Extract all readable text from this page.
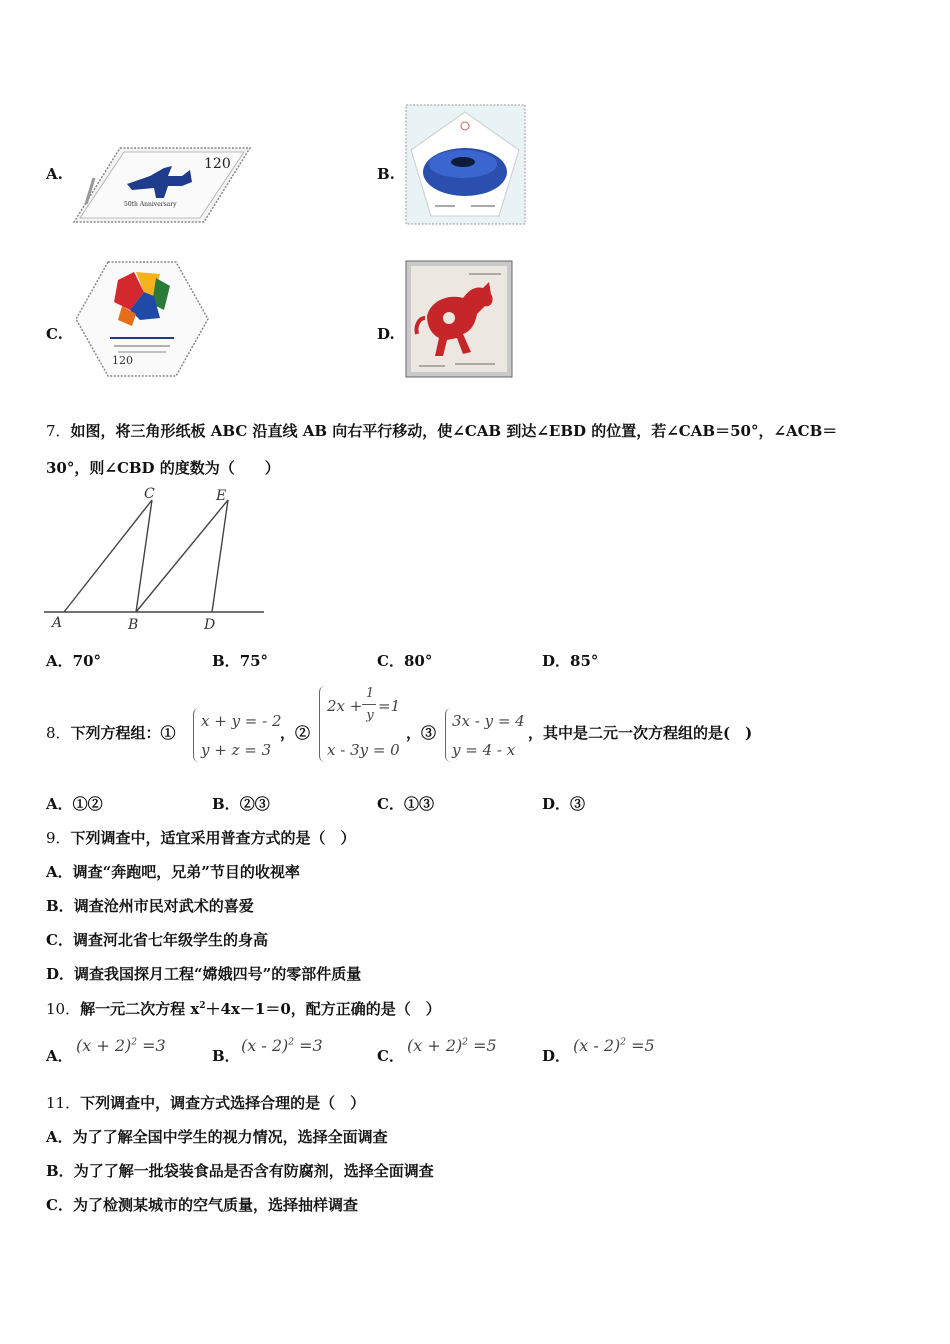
A.	B.
C.	D.
120
50th Anniversary
120
7．如图，将三角形纸板 ABC 沿直线 AB 向右平行移动，使∠CAB 到达∠EBD 的位置，若∠CAB＝50°，∠ACB＝
30°，则∠CBD 的度数为（　　）
A	B
C
D
E
A．70°	B．75°	C．80°	D．85°
8．下列方程组：①
x + y = - 2
y + z = 3
，②
2x +
1
y
=1
x - 3y = 0
，③
3x - y = 4
y = 4 - x
，其中是二元一次方程组的是(　)
A．①②	B．②③	C．①③	D．③
9．下列调查中，适宜采用普查方式的是（　）
A．调查“奔跑吧，兄弟”节目的收视率
B．调查沧州市民对武术的喜爱
C．调查河北省七年级学生的身高
D．调查我国探月工程“嫦娥四号”的零部件质量
10．解一元二次方程 $x^2+4x-1=0$，配方正确的是（　）
A．
$(x + 2)^2 =3$
B．
(x - 2)$^2$ =3
C．
$(x + 2)^2 =5$
D．
(x - 2)$^2$ =5
11．下列调查中，调查方式选择合理的是（　）
A．为了了解全国中学生的视力情况，选择全面调查
B．为了了解一批袋装食品是否含有防腐剂，选择全面调查
C．为了检测某城市的空气质量，选择抽样调查
